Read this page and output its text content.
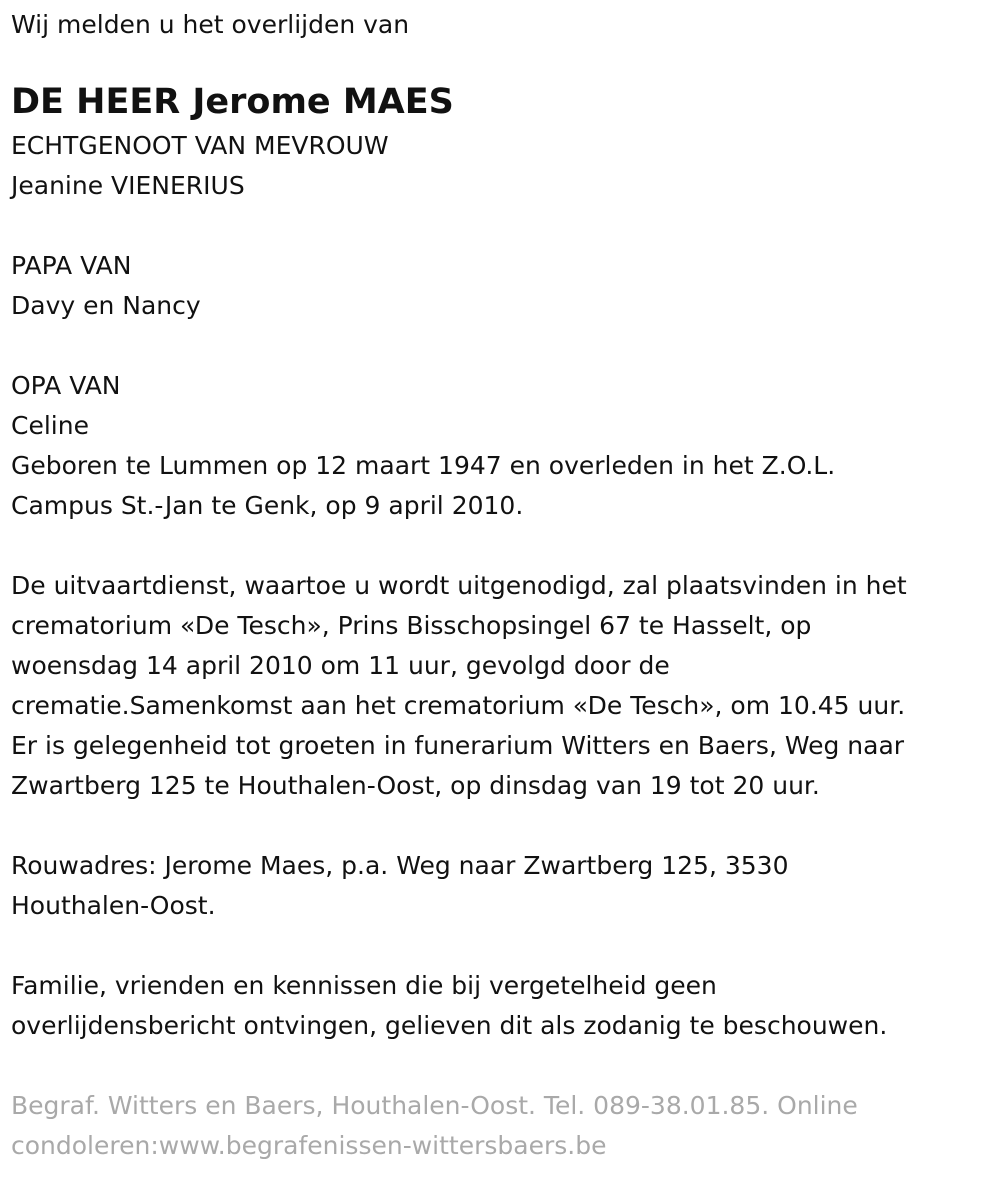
Wij melden u het overlijden van

DE HEER Jerome MAES

ECHTGENOOT VAN MEVROUW

Jeanine VIENERIUS

PAPA VAN

Davy en Nancy

OPA VAN

Celine

Geboren te Lummen op 12 maart 1947 en overleden in het Z.O.L.

Campus St.-Jan te Genk, op 9 april 2010.

De uitvaartdienst, waartoe u wordt uitgenodigd, zal plaatsvinden in het

crematorium «De Tesch», Prins Bisschopsingel 67 te Hasselt, op

woensdag 14 april 2010 om 11 uur, gevolgd door de

crematie.Samenkomst aan het crematorium «De Tesch», om 10.45 uur.

Er is gelegenheid tot groeten in funerarium Witters en Baers, Weg naar

Zwartberg 125 te Houthalen-Oost, op dinsdag van 19 tot 20 uur.

Rouwadres: Jerome Maes, p.a. Weg naar Zwartberg 125, 3530

Houthalen-Oost.

Familie, vrienden en kennissen die bij vergetelheid geen

overlijdensbericht ontvingen, gelieven dit als zodanig te beschouwen.

Begraf. Witters en Baers, Houthalen-Oost. Tel. 089-38.01.85. Online

condoleren:www.begrafenissen-wittersbaers.be
